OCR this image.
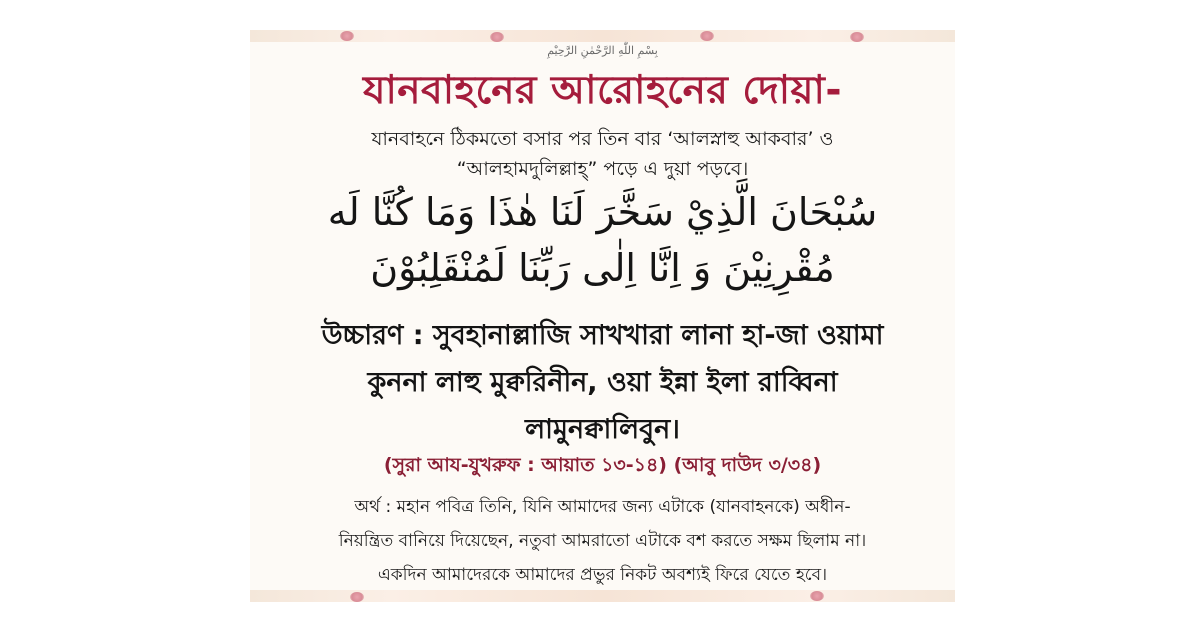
بِسْمِ اللّٰهِ الرَّحْمٰنِ الرَّحِيْمِ
যানবাহনের আরোহনের দোয়া-
যানবাহনে ঠিকমতো বসার পর তিন বার ‘আলস্নাহু আকবার’ ও
“আলহামদুলিল্লাহ্” পড়ে এ দুয়া পড়বে।
سُبْحَانَ الَّذِيْ سَخَّرَ لَنَا هٰذَا وَمَا كُنَّا لَه
مُقْرِنِيْنَ وَ اِنَّا اِلٰى رَبِّنَا لَمُنْقَلِبُوْنَ
উচ্চারণ : সুবহানাল্লাজি সাখখারা লানা হা-জা ওয়ামা
কুননা লাহু মুক্বরিনীন, ওয়া ইন্না ইলা রাব্বিনা
লামুনক্বালিবুন।
(সুরা আয-যুখরুফ : আয়াত ১৩-১৪) (আবু দাউদ ৩/৩৪)
অর্থ : মহান পবিত্র তিনি, যিনি আমাদের জন্য এটাকে (যানবাহনকে) অধীন-
নিয়ন্ত্রিত বানিয়ে দিয়েছেন, নতুবা আমরাতো এটাকে বশ করতে সক্ষম ছিলাম না।
একদিন আমাদেরকে আমাদের প্রভুর নিকট অবশ্যই ফিরে যেতে হবে।
